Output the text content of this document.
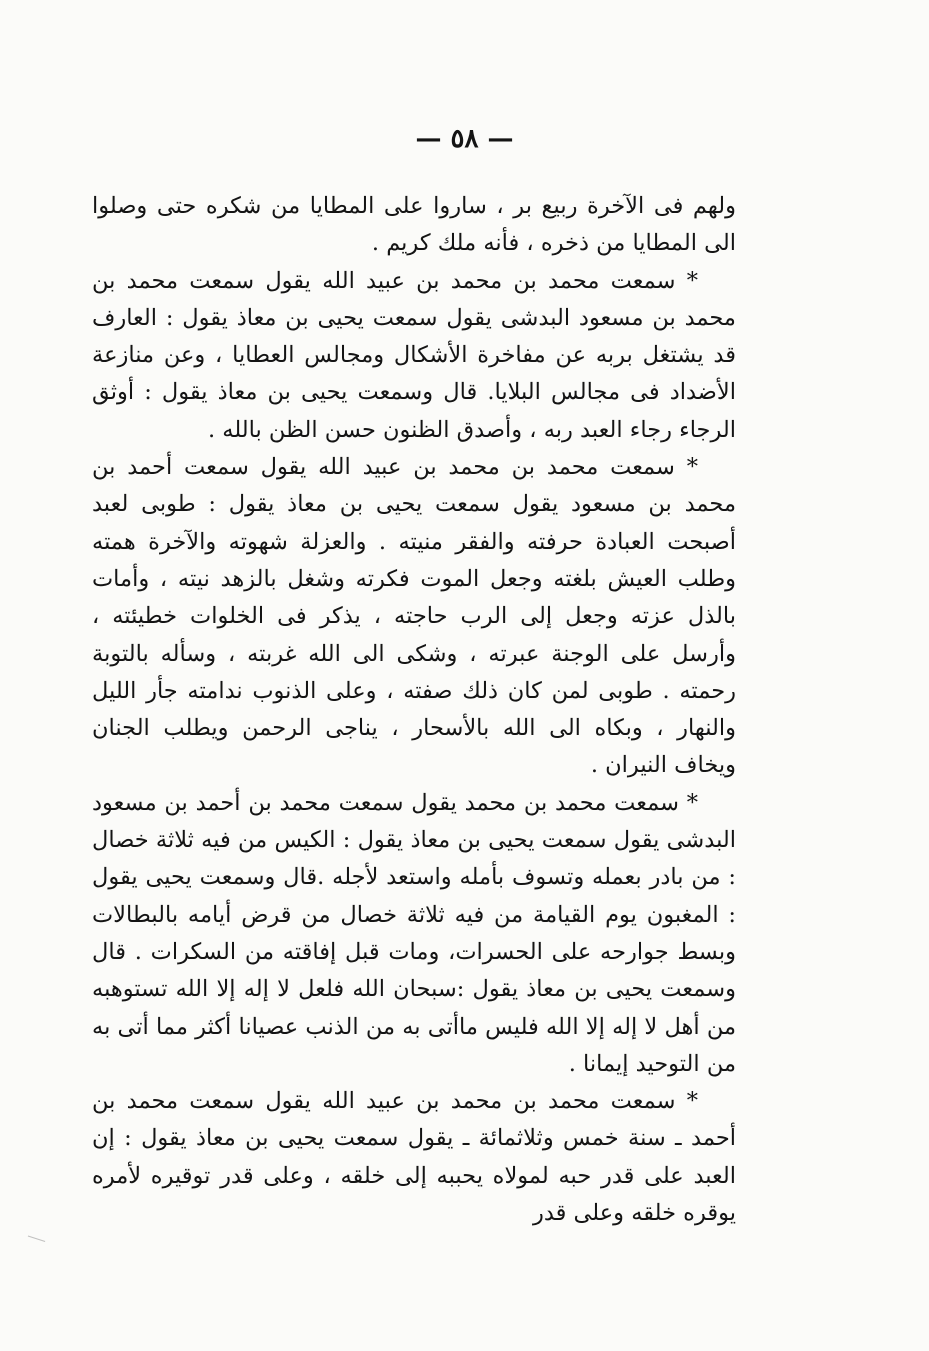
— ٥٨ —

ولهم فى الآخرة ربيع بر ، ساروا على المطايا من شكره حتى وصلوا الى المطايا من ذخره ، فأنه ملك كريم .

* سمعت محمد بن محمد بن عبيد الله يقول سمعت محمد بن محمد بن مسعود البدشى يقول سمعت يحيى بن معاذ يقول : العارف قد يشتغل بربه عن مفاخرة الأشكال ومجالس العطايا ، وعن منازعة الأضداد فى مجالس البلايا. قال وسمعت يحيى بن معاذ يقول : أوثق الرجاء رجاء العبد ربه ، وأصدق الظنون حسن الظن بالله .

* سمعت محمد بن محمد بن عبيد الله يقول سمعت أحمد بن محمد بن مسعود يقول سمعت يحيى بن معاذ يقول : طوبى لعبد أصبحت العبادة حرفته والفقر منيته . والعزلة شهوته والآخرة همته وطلب العيش بلغته وجعل الموت فكرته وشغل بالزهد نيته ، وأمات بالذل عزته وجعل إلى الرب حاجته ، يذكر فى الخلوات خطيئته ، وأرسل على الوجنة عبرته ، وشكى الى الله غربته ، وسأله بالتوبة رحمته . طوبى لمن كان ذلك صفته ، وعلى الذنوب ندامته جأر الليل والنهار ، وبكاه الى الله بالأسحار ، يناجى الرحمن ويطلب الجنان ويخاف النيران .

* سمعت محمد بن محمد يقول سمعت محمد بن أحمد بن مسعود البدشى يقول سمعت يحيى بن معاذ يقول : الكيس من فيه ثلاثة خصال : من بادر بعمله وتسوف بأمله واستعد لأجله .قال وسمعت يحيى يقول : المغبون يوم القيامة من فيه ثلاثة خصال من قرض أيامه بالبطالات وبسط جوارحه على الحسرات، ومات قبل إفاقته من السكرات . قال وسمعت يحيى بن معاذ يقول :سبحان الله فلعل لا إله إلا الله تستوهبه من أهل لا إله إلا الله فليس ماأتى به من الذنب عصيانا أكثر مما أتى به من التوحيد إيمانا .

* سمعت محمد بن محمد بن عبيد الله يقول سمعت محمد بن أحمد ـ سنة خمس وثلاثمائة ـ يقول سمعت يحيى بن معاذ يقول : إن العبد على قدر حبه لمولاه يحببه إلى خلقه ، وعلى قدر توقيره لأمره يوقره خلقه وعلى قدر
